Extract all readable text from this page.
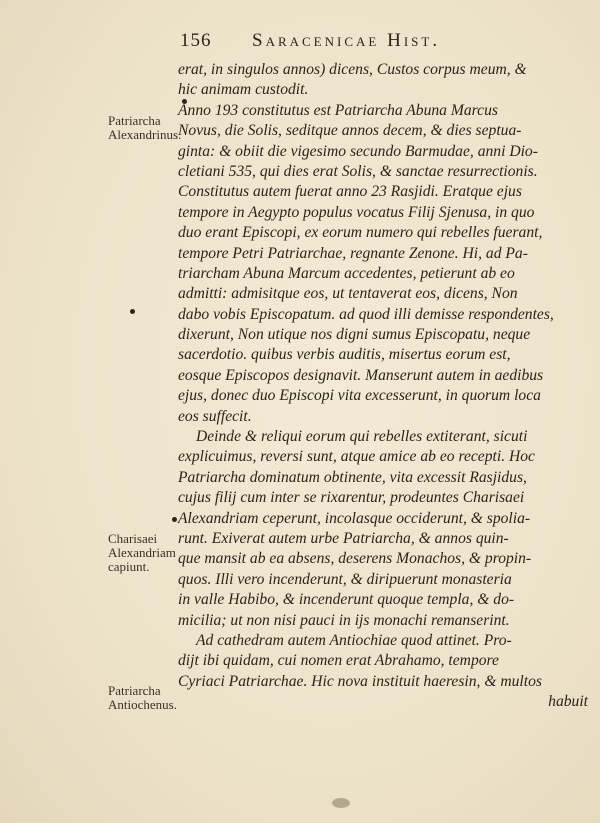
156 Saracenicae Hist.
Patriarcha Alexandrinus.
Charisaei Alexandriam capiunt.
Patriarcha Antiochenus.
erat, in singulos annos) dicens, Custos corpus meum, &
hic animam custodit.
Anno 193 constitutus est Patriarcha Abuna Marcus
Novus, die Solis, seditque annos decem, & dies septua-
ginta: & obiit die vigesimo secundo Barmudae, anni Dio-
cletiani 535, qui dies erat Solis, & sanctae resurrectionis.
Constitutus autem fuerat anno 23 Rasjidi. Eratque ejus
tempore in Aegypto populus vocatus Filij Sjenusa, in quo
duo erant Episcopi, ex eorum numero qui rebelles fuerant,
tempore Petri Patriarchae, regnante Zenone. Hi, ad Pa-
triarcham Abuna Marcum accedentes, petierunt ab eo
admitti: admisitque eos, ut tentaverat eos, dicens, Non
dabo vobis Episcopatum. ad quod illi demisse respondentes,
dixerunt, Non utique nos digni sumus Episcopatu, neque
sacerdotio. quibus verbis auditis, misertus eorum est,
eosque Episcopos designavit. Manserunt autem in aedibus
ejus, donec duo Episcopi vita excesserunt, in quorum loca
eos suffecit.
Deinde & reliqui eorum qui rebelles extiterant, sicuti
explicuimus, reversi sunt, atque amice ab eo recepti. Hoc
Patriarcha dominatum obtinente, vita excessit Rasjidus,
cujus filij cum inter se rixarentur, prodeuntes Charisaei
Alexandriam ceperunt, incolasque occiderunt, & spolia-
runt. Exiverat autem urbe Patriarcha, & annos quin-
que mansit ab ea absens, deserens Monachos, & propin-
quos. Illi vero incenderunt, & diripuerunt monasteria
in valle Habibo, & incenderunt quoque templa, & do-
micilia; ut non nisi pauci in ijs monachi remanserint.
Ad cathedram autem Antiochiae quod attinet. Pro-
dijt ibi quidam, cui nomen erat Abrahamo, tempore
Cyriaci Patriarchae. Hic nova instituit haeresin, & multos
habuit
